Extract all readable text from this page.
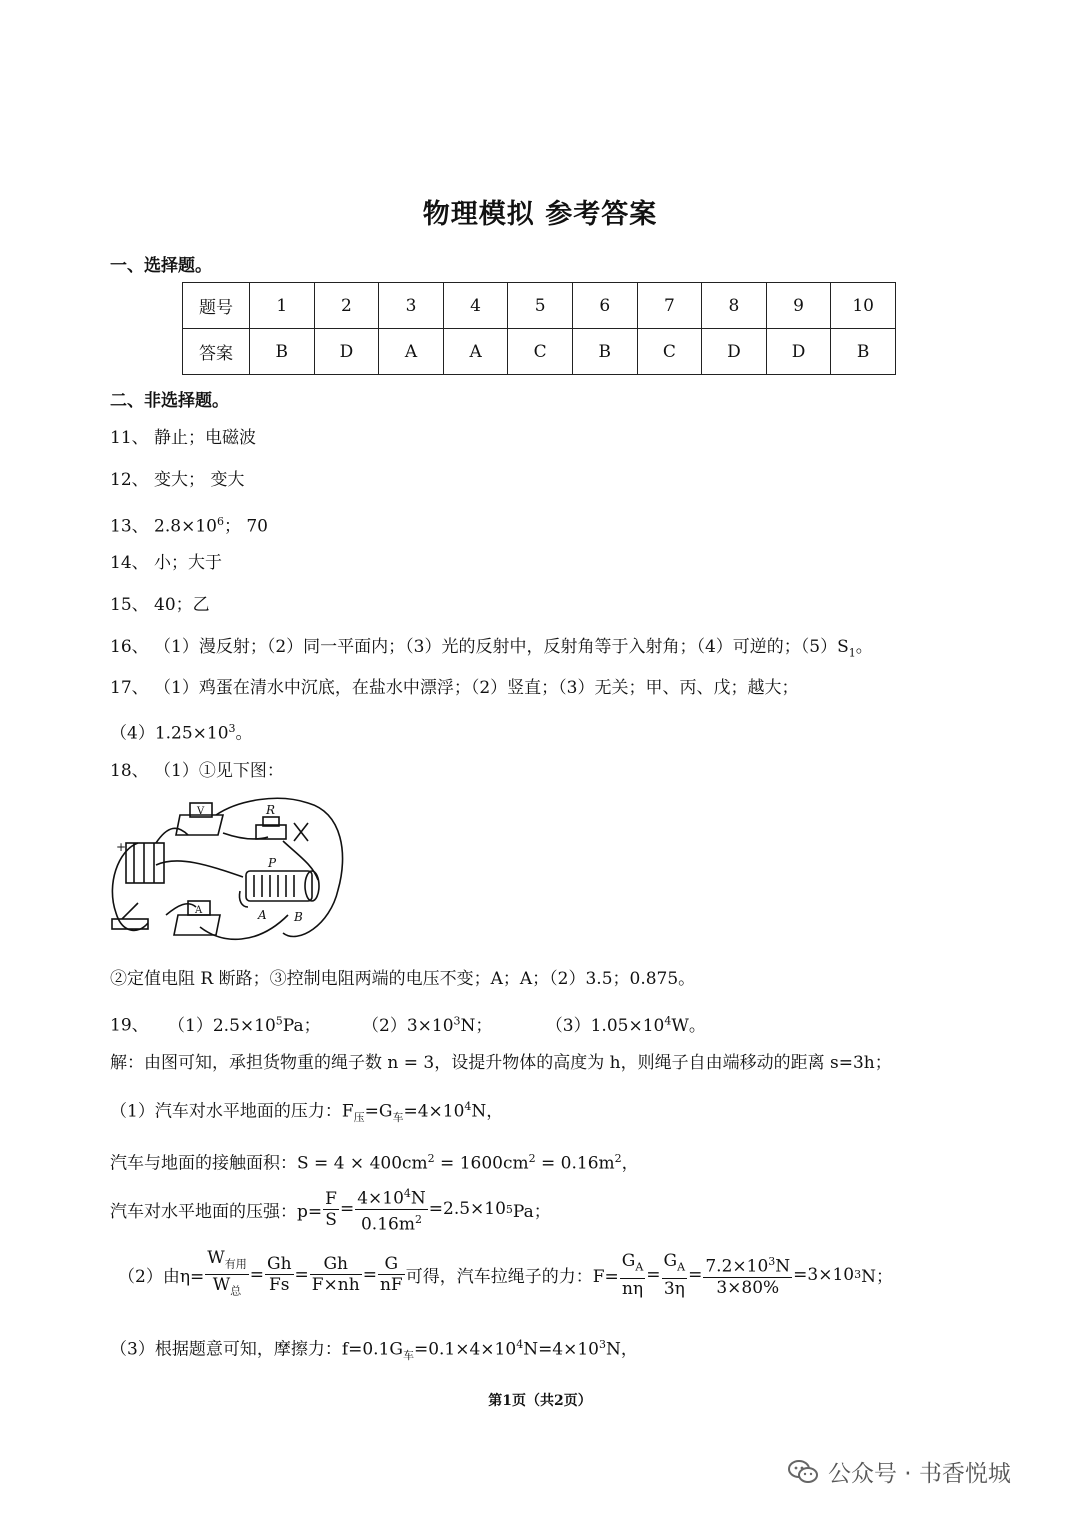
物理模拟 参考答案
一、选择题。
题号	1	2	3	4	5	6	7	8	9	10
答案	B	D	A	A	C	B	C	D	D	B
二、非选择题。
11、 静止；电磁波
12、 变大； 变大
13、 $2.8\times 10^6$； 70
14、 小；大于
15、 40；乙
16、 （1）漫反射；（2）同一平面内；（3）光的反射中，反射角等于入射角；（4）可逆的；$(5)S_1$。
17、 （1）鸡蛋在清水中沉底，在盐水中漂浮；（2）竖直；（3）无关；甲、丙、戊；越大；
$(4)1.25\times 10^3$。
18、 （1）①见下图：
R
P
A B
+
A
V
②定值电阻 R 断路；③控制电阻两端的电压不变；A；A；（2）3.5；0.875。
19、 $(1)2.5\times 10^5Pa$； $(2)3\times 10^3N$；	$(3)1.05\times 10^4W$。
解：由图可知，承担货物重的绳子数 n = 3，设提升物体的高度为 h，则绳子自由端移动的距离 s=3h；
（1）汽车对水平地面的压力：$F_压=G_车=4\times 10^4N$，
汽车与地面的接触面积：$S = 4 \times 400cm^2 = 1600cm^2 = 0.16m^2$，
汽车对水平地面的压强：$p= \frac{F}{S} = \frac{4\times 10^4N}{0.16m^2} =2.5\times 10$ 5 Pa；
（2）由$\eta= \frac{W_{有用}}{W_总} = \frac{Gh}{Fs} = \frac{Gh}{F\times nh} = \frac{G}{nF}$ 可得，汽车拉绳子的力：$F= \frac{G_A}{n\eta} = \frac{G_A}{3\eta} = \frac{7.2\times 10^3N}{3\times 80\%} =3\times 10$ 3 N；
（3）根据题意可知，摩擦力：$f=0.1G_车=0.1\times 4\times 10^4N=4\times 10^3N$，
第1页（共2页）
公众号 · 书香悦城
